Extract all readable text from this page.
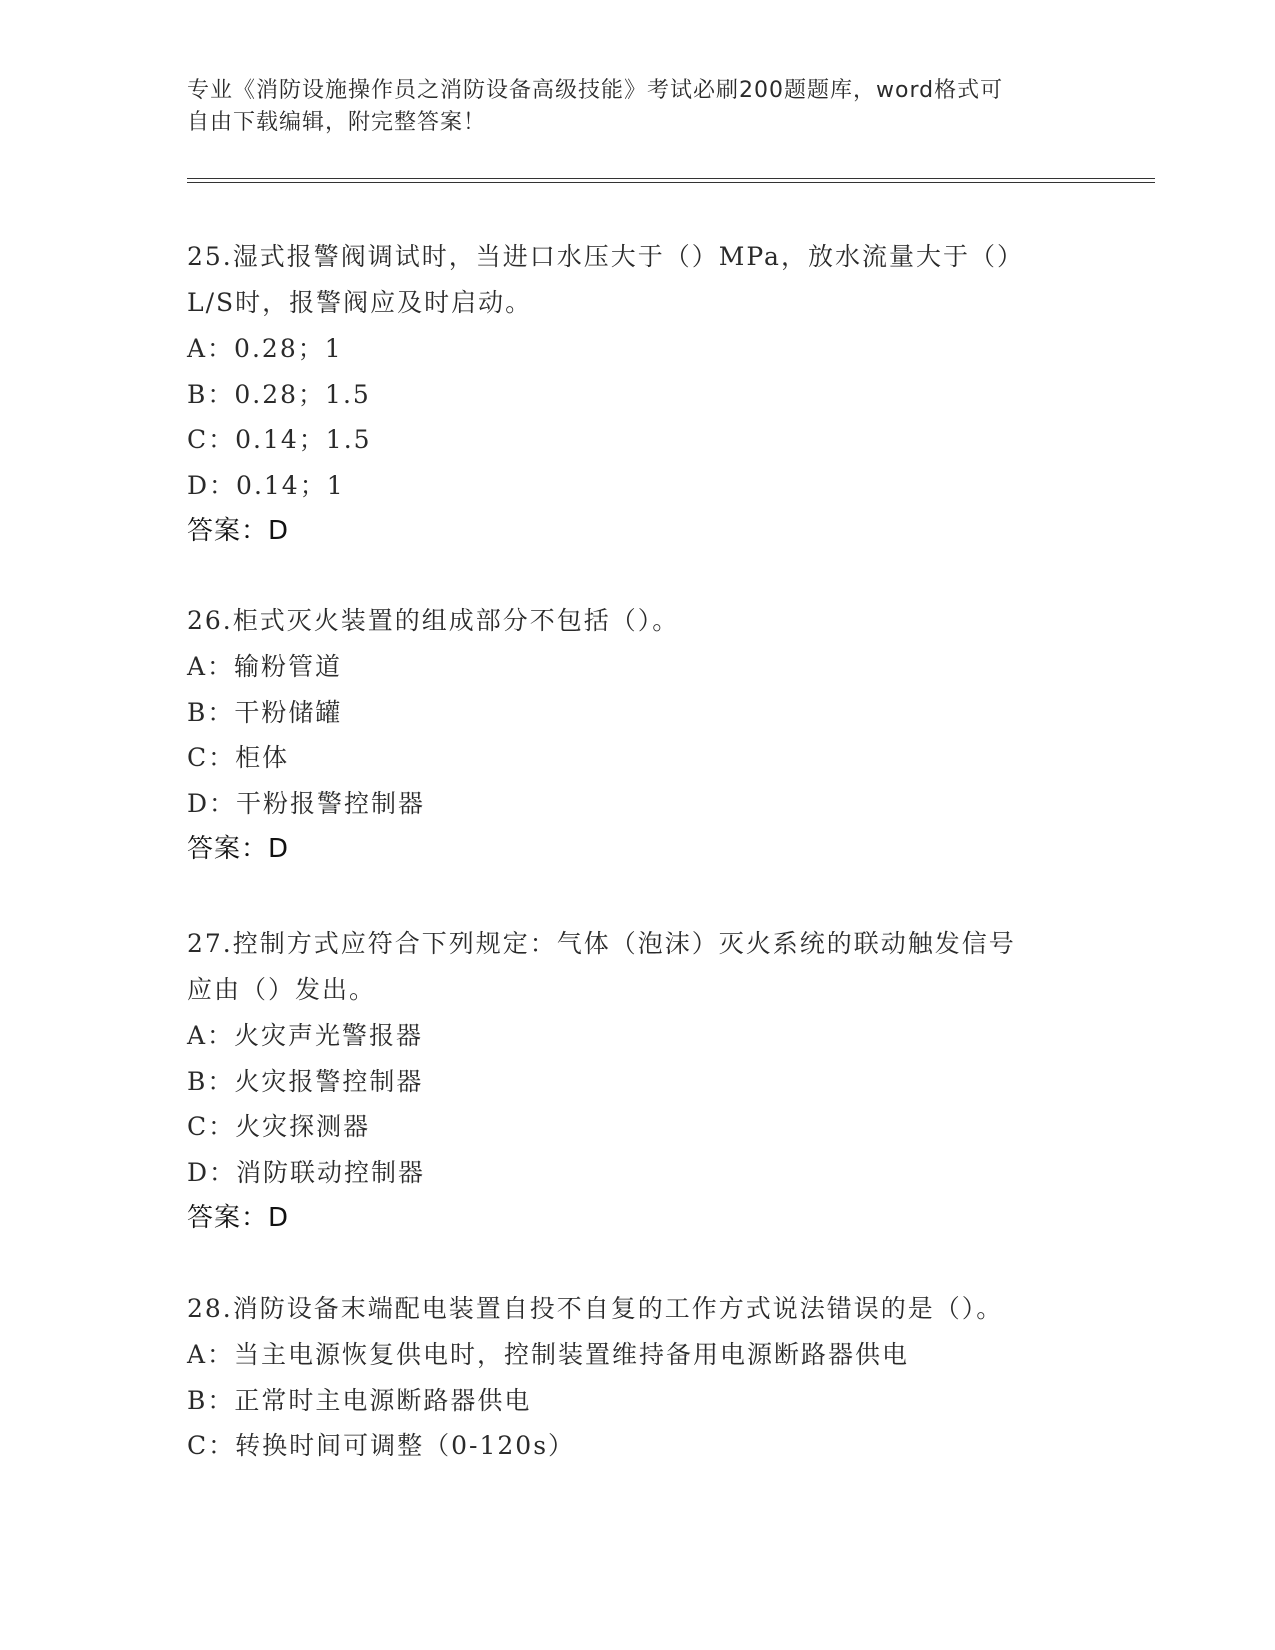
专业《消防设施操作员之消防设备高级技能》考试必刷200题题库，word格式可
自由下载编辑，附完整答案！

25.湿式报警阀调试时，当进口水压大于（）MPa，放水流量大于（）

L/S时，报警阀应及时启动。

A：0.28；1

B：0.28；1.5

C：0.14；1.5

D：0.14；1

答案：D

26.柜式灭火装置的组成部分不包括（）。

A：输粉管道

B：干粉储罐

C：柜体

D：干粉报警控制器

答案：D

27.控制方式应符合下列规定：气体（泡沫）灭火系统的联动触发信号

应由（）发出。

A：火灾声光警报器

B：火灾报警控制器

C：火灾探测器

D：消防联动控制器

答案：D

28.消防设备末端配电装置自投不自复的工作方式说法错误的是（）。

A：当主电源恢复供电时，控制装置维持备用电源断路器供电

B：正常时主电源断路器供电

C：转换时间可调整（0-120s）
